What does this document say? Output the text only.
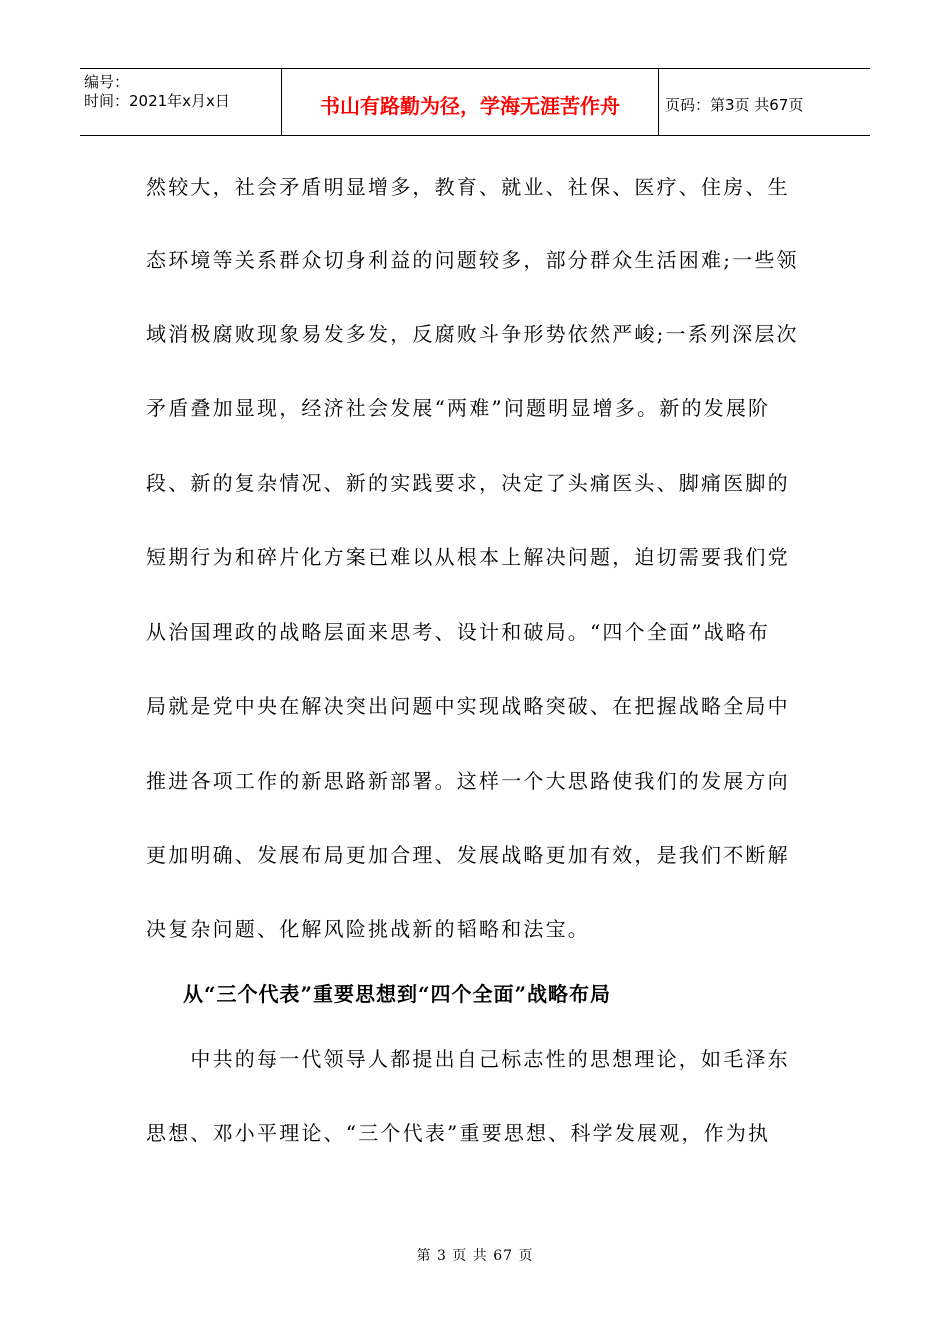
编号：
时间：2021年x月x日	书山有路勤为径，学海无涯苦作舟	页码：第3页 共67页
然较大，社会矛盾明显增多，教育、就业、社保、医疗、住房、生
态环境等关系群众切身利益的问题较多，部分群众生活困难;一些领
域消极腐败现象易发多发，反腐败斗争形势依然严峻;一系列深层次
矛盾叠加显现，经济社会发展“两难”问题明显增多。新的发展阶
段、新的复杂情况、新的实践要求，决定了头痛医头、脚痛医脚的
短期行为和碎片化方案已难以从根本上解决问题，迫切需要我们党
从治国理政的战略层面来思考、设计和破局。“四个全面”战略布
局就是党中央在解决突出问题中实现战略突破、在把握战略全局中
推进各项工作的新思路新部署。这样一个大思路使我们的发展方向
更加明确、发展布局更加合理、发展战略更加有效，是我们不断解
决复杂问题、化解风险挑战新的韬略和法宝。
从“三个代表”重要思想到“四个全面”战略布局
　　中共的每一代领导人都提出自己标志性的思想理论，如毛泽东
思想、邓小平理论、“三个代表”重要思想、科学发展观，作为执
第 3 页 共 67 页
